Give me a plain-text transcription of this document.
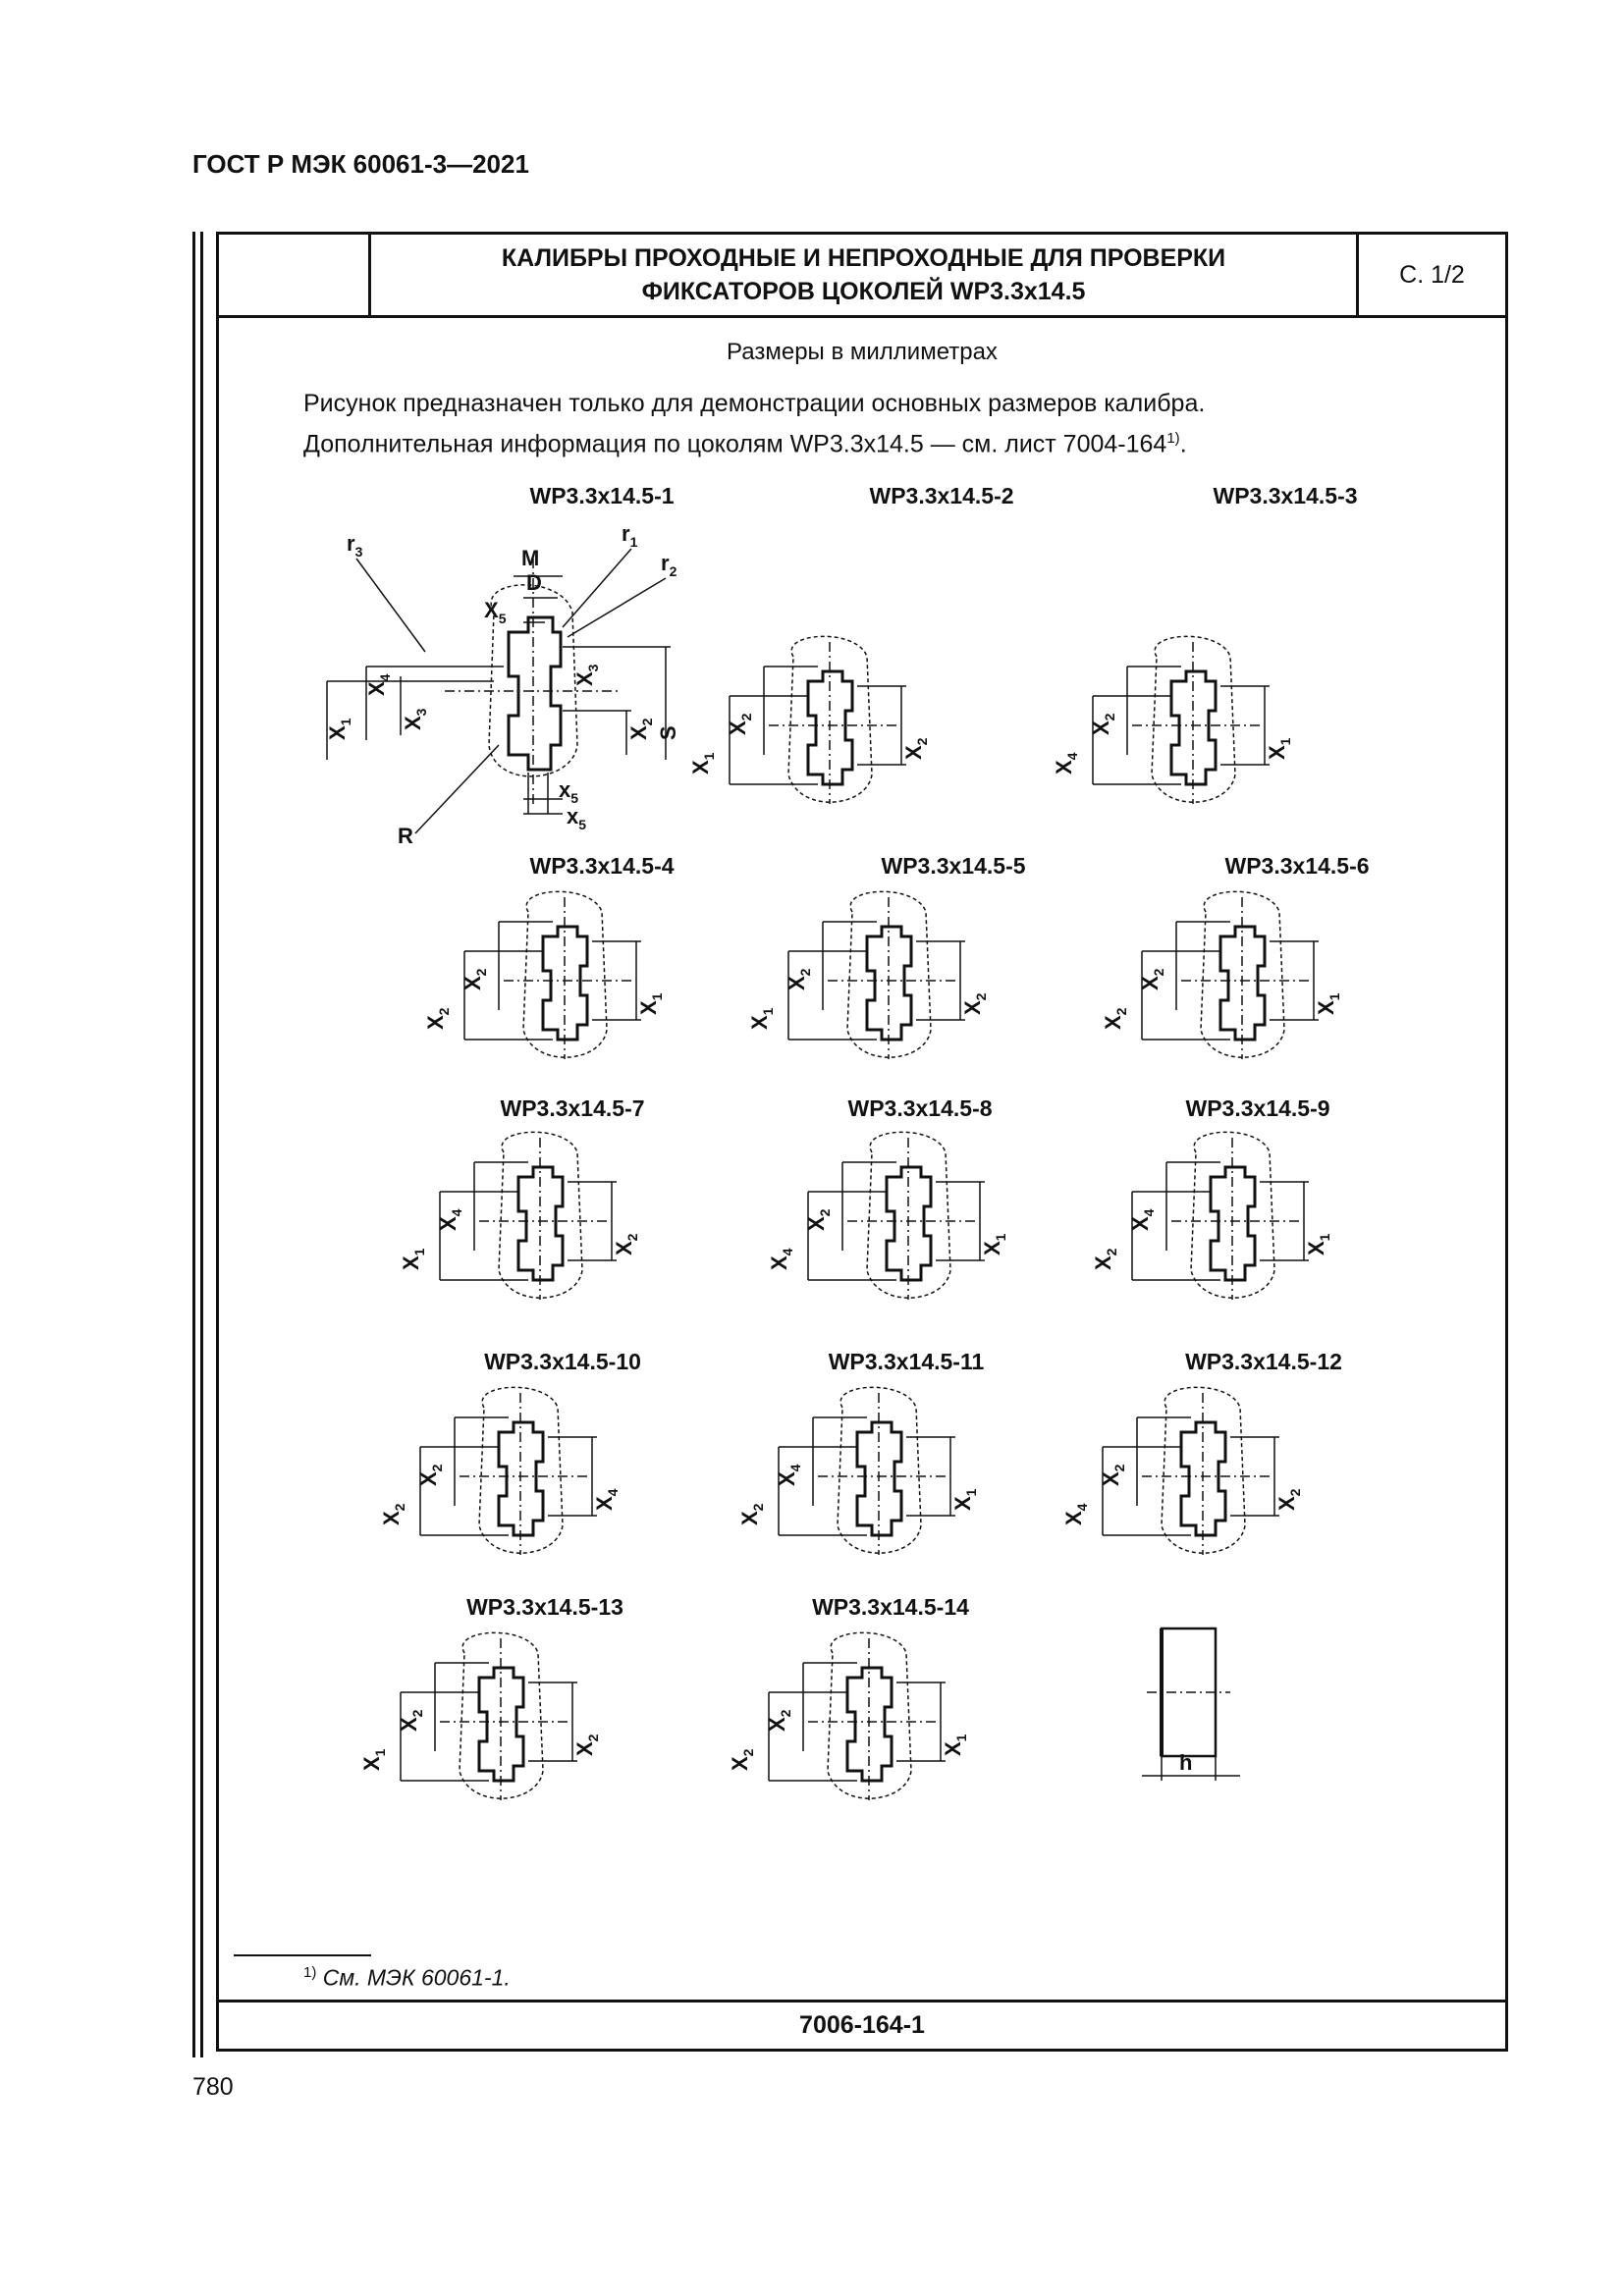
ГОСТ Р МЭК 60061-3—2021
КАЛИБРЫ ПРОХОДНЫЕ И НЕПРОХОДНЫЕ ДЛЯ ПРОВЕРКИ
ФИКСАТОРОВ ЦОКОЛЕЙ WP3.3x14.5
С. 1/2
Размеры в миллиметрах
Рисунок предназначен только для демонстрации основных размеров калибра.
Дополнительная информация по цоколям WP3.3x14.5 — см. лист 7004-164$^{1)}$.
WP3.3x14.5-1	WP3.3x14.5-2	WP3.3x14.5-3
WP3.3x14.5-4	WP3.3x14.5-5	WP3.3x14.5-6
WP3.3x14.5-7	WP3.3x14.5-8	WP3.3x14.5-9
WP3.3x14.5-10	WP3.3x14.5-11	WP3.3x14.5-12
WP3.3x14.5-13	WP3.3x14.5-14
M
D
$X_5$
$r_3$
$r_1$
$r_2$
S
$X_1$
$X_4$
$X_3$
$X_3$
$X_2$
$x_5$
$x_5$
R
$X_1$
$X_2$
$X_2$
$X_4$
$X_2$
$X_1$
$X_2$
$X_2$
$X_1$
$X_1$
$X_2$
$X_2$
$X_2$
$X_2$
$X_1$
$X_1$
$X_4$
$X_2$
$X_4$
$X_2$
$X_1$
$X_2$
$X_4$
$X_1$
$X_2$
$X_2$
$X_4$
$X_2$
$X_4$
$X_1$
$X_4$
$X_2$
$X_2$
$X_1$
$X_2$
$X_2$
$X_2$
$X_2$
$X_1$
h
$^{1)}$ См. МЭК 60061-1.
7006-164-1
780
